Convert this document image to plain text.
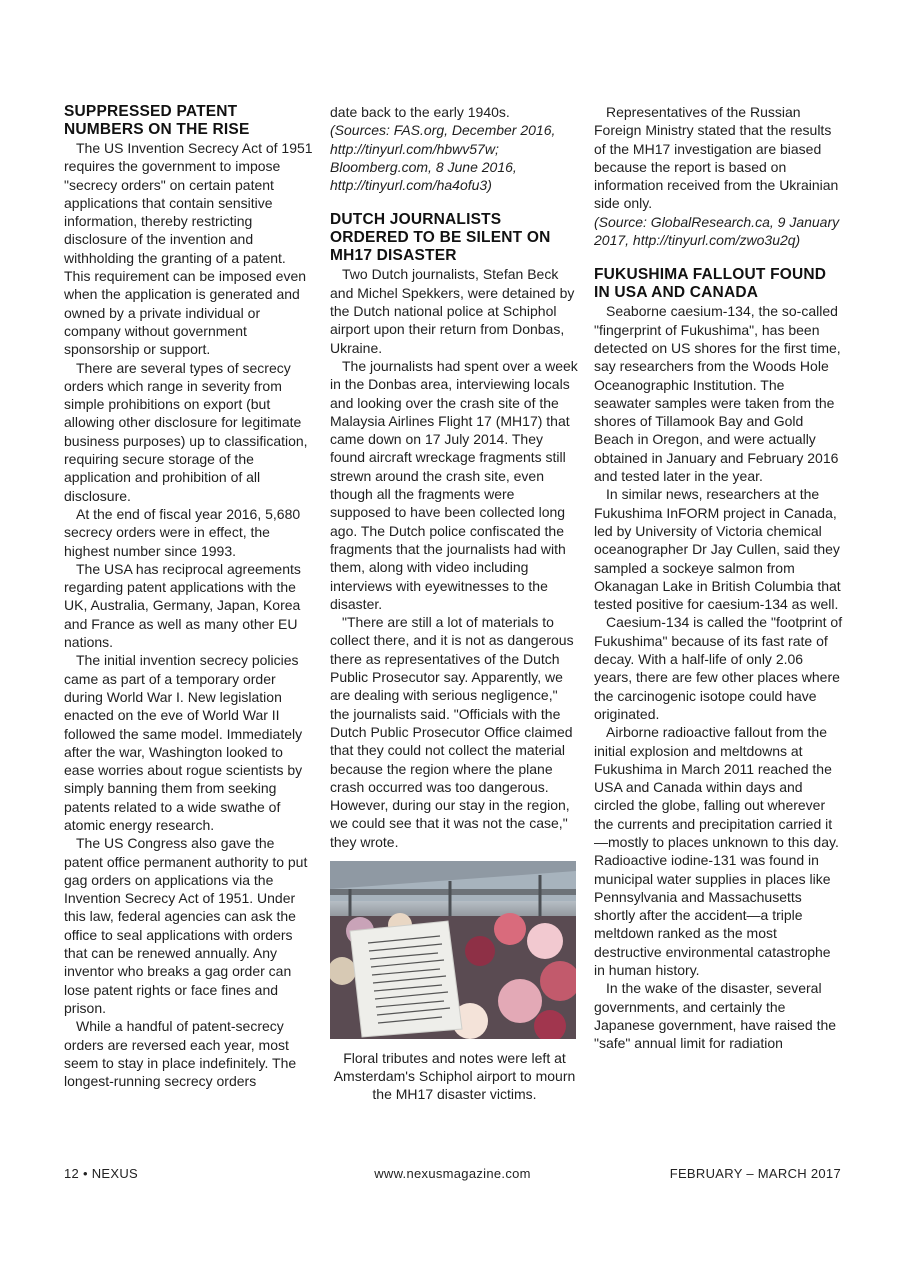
SUPPRESSED PATENT NUMBERS ON THE RISE

The US Invention Secrecy Act of 1951 requires the government to impose "secrecy orders" on certain patent applications that contain sensitive information, thereby restricting disclosure of the invention and withholding the granting of a patent. This requirement can be imposed even when the application is generated and owned by a private individual or company without government sponsorship or support.

There are several types of secrecy orders which range in severity from simple prohibitions on export (but allowing other disclosure for legitimate business purposes) up to classification, requiring secure storage of the application and prohibition of all disclosure.

At the end of fiscal year 2016, 5,680 secrecy orders were in effect, the highest number since 1993.

The USA has reciprocal agreements regarding patent applications with the UK, Australia, Germany, Japan, Korea and France as well as many other EU nations.

The initial invention secrecy policies came as part of a temporary order during World War I. New legislation enacted on the eve of World War II followed the same model. Immediately after the war, Washington looked to ease worries about rogue scientists by simply banning them from seeking patents related to a wide swathe of atomic energy research.

The US Congress also gave the patent office permanent authority to put gag orders on applications via the Invention Secrecy Act of 1951. Under this law, federal agencies can ask the office to seal applications with orders that can be renewed annually. Any inventor who breaks a gag order can lose patent rights or face fines and prison.

While a handful of patent-secrecy orders are reversed each year, most seem to stay in place indefinitely. The longest-running secrecy orders

date back to the early 1940s.

(Sources: FAS.org, December 2016, http://tinyurl.com/hbwv57w; Bloomberg.com, 8 June 2016, http://tinyurl.com/ha4ofu3)

DUTCH JOURNALISTS ORDERED TO BE SILENT ON MH17 DISASTER

Two Dutch journalists, Stefan Beck and Michel Spekkers, were detained by the Dutch national police at Schiphol airport upon their return from Donbas, Ukraine.

The journalists had spent over a week in the Donbas area, interviewing locals and looking over the crash site of the Malaysia Airlines Flight 17 (MH17) that came down on 17 July 2014. They found aircraft wreckage fragments still strewn around the crash site, even though all the fragments were supposed to have been collected long ago. The Dutch police confiscated the fragments that the journalists had with them, along with video including interviews with eyewitnesses to the disaster.

"There are still a lot of materials to collect there, and it is not as dangerous there as representatives of the Dutch Public Prosecutor say. Apparently, we are dealing with serious negligence," the journalists said. "Officials with the Dutch Public Prosecutor Office claimed that they could not collect the material because the region where the plane crash occurred was too dangerous. However, during our stay in the region, we could see that it was not the case," they wrote.

Floral tributes and notes were left at Amsterdam's Schiphol airport to mourn the MH17 disaster victims.

Representatives of the Russian Foreign Ministry stated that the results of the MH17 investigation are biased because the report is based on information received from the Ukrainian side only.

(Source: GlobalResearch.ca, 9 January 2017, http://tinyurl.com/zwo3u2q)

FUKUSHIMA FALLOUT FOUND IN USA AND CANADA

Seaborne caesium-134, the so-called "fingerprint of Fukushima", has been detected on US shores for the first time, say researchers from the Woods Hole Oceanographic Institution. The seawater samples were taken from the shores of Tillamook Bay and Gold Beach in Oregon, and were actually obtained in January and February 2016 and tested later in the year.

In similar news, researchers at the Fukushima InFORM project in Canada, led by University of Victoria chemical oceanographer Dr Jay Cullen, said they sampled a sockeye salmon from Okanagan Lake in British Columbia that tested positive for caesium-134 as well.

Caesium-134 is called the "footprint of Fukushima" because of its fast rate of decay. With a half-life of only 2.06 years, there are few other places where the carcinogenic isotope could have originated.

Airborne radioactive fallout from the initial explosion and meltdowns at Fukushima in March 2011 reached the USA and Canada within days and circled the globe, falling out wherever the currents and precipitation carried it—mostly to places unknown to this day. Radioactive iodine-131 was found in municipal water supplies in places like Pennsylvania and Massachusetts shortly after the accident—a triple meltdown ranked as the most destructive environmental catastrophe in human history.

In the wake of the disaster, several governments, and certainly the Japanese government, have raised the "safe" annual limit for radiation

12 • NEXUS	www.nexusmagazine.com	FEBRUARY – MARCH 2017
